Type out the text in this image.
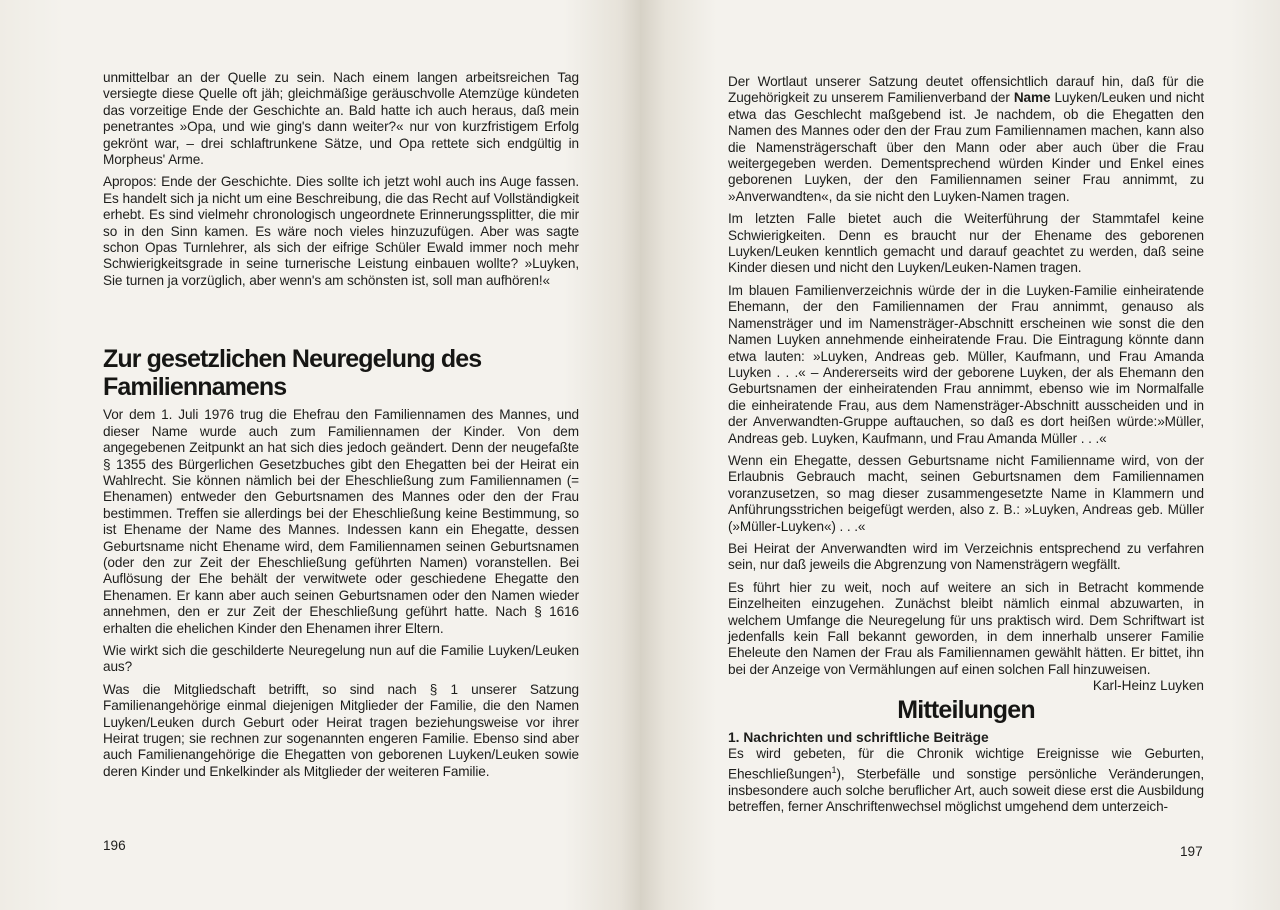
unmittelbar an der Quelle zu sein. Nach einem langen arbeitsreichen Tag versiegte diese Quelle oft jäh; gleichmäßige geräuschvolle Atemzüge kündeten das vorzeitige Ende der Geschichte an. Bald hatte ich auch heraus, daß mein penetrantes »Opa, und wie ging's dann weiter?« nur von kurzfristigem Erfolg gekrönt war, – drei schlaftrunkene Sätze, und Opa rettete sich endgültig in Morpheus' Arme.

Apropos: Ende der Geschichte. Dies sollte ich jetzt wohl auch ins Auge fassen. Es handelt sich ja nicht um eine Beschreibung, die das Recht auf Vollständigkeit erhebt. Es sind vielmehr chronologisch ungeordnete Erinnerungssplitter, die mir so in den Sinn kamen. Es wäre noch vieles hinzuzufügen. Aber was sagte schon Opas Turnlehrer, als sich der eifrige Schüler Ewald immer noch mehr Schwierigkeitsgrade in seine turnerische Leistung einbauen wollte? »Luyken, Sie turnen ja vorzüglich, aber wenn's am schönsten ist, soll man aufhören!«

Zur gesetzlichen Neuregelung des Familiennamens

Vor dem 1. Juli 1976 trug die Ehefrau den Familiennamen des Mannes, und dieser Name wurde auch zum Familiennamen der Kinder. Von dem angegebenen Zeitpunkt an hat sich dies jedoch geändert. Denn der neugefaßte § 1355 des Bürgerlichen Gesetzbuches gibt den Ehegatten bei der Heirat ein Wahlrecht. Sie können nämlich bei der Eheschließung zum Familiennamen (= Ehenamen) entweder den Geburtsnamen des Mannes oder den der Frau bestimmen. Treffen sie allerdings bei der Eheschließung keine Bestimmung, so ist Ehename der Name des Mannes. Indessen kann ein Ehegatte, dessen Geburtsname nicht Ehename wird, dem Familiennamen seinen Geburtsnamen (oder den zur Zeit der Eheschließung geführten Namen) voranstellen. Bei Auflösung der Ehe behält der verwitwete oder geschiedene Ehegatte den Ehenamen. Er kann aber auch seinen Geburtsnamen oder den Namen wieder annehmen, den er zur Zeit der Eheschließung geführt hatte. Nach § 1616 erhalten die ehelichen Kinder den Ehenamen ihrer Eltern.

Wie wirkt sich die geschilderte Neuregelung nun auf die Familie Luyken/Leuken aus?

Was die Mitgliedschaft betrifft, so sind nach § 1 unserer Satzung Familienangehörige einmal diejenigen Mitglieder der Familie, die den Namen Luyken/Leuken durch Geburt oder Heirat tragen beziehungsweise vor ihrer Heirat trugen; sie rechnen zur sogenannten engeren Familie. Ebenso sind aber auch Familienangehörige die Ehegatten von geborenen Luyken/Leuken sowie deren Kinder und Enkelkinder als Mitglieder der weiteren Familie.

196

Der Wortlaut unserer Satzung deutet offensichtlich darauf hin, daß für die Zugehörigkeit zu unserem Familienverband der Name Luyken/Leuken und nicht etwa das Geschlecht maßgebend ist. Je nachdem, ob die Ehegatten den Namen des Mannes oder den der Frau zum Familiennamen machen, kann also die Namensträgerschaft über den Mann oder aber auch über die Frau weitergegeben werden. Dementsprechend würden Kinder und Enkel eines geborenen Luyken, der den Familiennamen seiner Frau annimmt, zu »Anverwandten«, da sie nicht den Luyken-Namen tragen.

Im letzten Falle bietet auch die Weiterführung der Stammtafel keine Schwierigkeiten. Denn es braucht nur der Ehename des geborenen Luyken/Leuken kenntlich gemacht und darauf geachtet zu werden, daß seine Kinder diesen und nicht den Luyken/Leuken-Namen tragen.

Im blauen Familienverzeichnis würde der in die Luyken-Familie einheiratende Ehemann, der den Familiennamen der Frau annimmt, genauso als Namensträger und im Namensträger-Abschnitt erscheinen wie sonst die den Namen Luyken annehmende einheiratende Frau. Die Eintragung könnte dann etwa lauten: »Luyken, Andreas geb. Müller, Kaufmann, und Frau Amanda Luyken . . .« – Andererseits wird der geborene Luyken, der als Ehemann den Geburtsnamen der einheiratenden Frau annimmt, ebenso wie im Normalfalle die einheiratende Frau, aus dem Namensträger-Abschnitt ausscheiden und in der Anverwandten-Gruppe auftauchen, so daß es dort heißen würde:»Müller, Andreas geb. Luyken, Kaufmann, und Frau Amanda Müller . . .«

Wenn ein Ehegatte, dessen Geburtsname nicht Familienname wird, von der Erlaubnis Gebrauch macht, seinen Geburtsnamen dem Familiennamen voranzusetzen, so mag dieser zusammengesetzte Name in Klammern und Anführungsstrichen beigefügt werden, also z. B.: »Luyken, Andreas geb. Müller (»Müller-Luyken«) . . .«

Bei Heirat der Anverwandten wird im Verzeichnis entsprechend zu verfahren sein, nur daß jeweils die Abgrenzung von Namensträgern wegfällt.

Es führt hier zu weit, noch auf weitere an sich in Betracht kommende Einzelheiten einzugehen. Zunächst bleibt nämlich einmal abzuwarten, in welchem Umfange die Neuregelung für uns praktisch wird. Dem Schriftwart ist jedenfalls kein Fall bekannt geworden, in dem innerhalb unserer Familie Eheleute den Namen der Frau als Familiennamen gewählt hätten. Er bittet, ihn bei der Anzeige von Vermählungen auf einen solchen Fall hinzuweisen.

Karl-Heinz Luyken
Mitteilungen
1. Nachrichten und schriftliche Beiträge

Es wird gebeten, für die Chronik wichtige Ereignisse wie Geburten, Eheschließungen$^1$), Sterbefälle und sonstige persönliche Veränderungen, insbesondere auch solche beruflicher Art, auch soweit diese erst die Ausbildung betreffen, ferner Anschriftenwechsel möglichst umgehend dem unterzeich-

197
